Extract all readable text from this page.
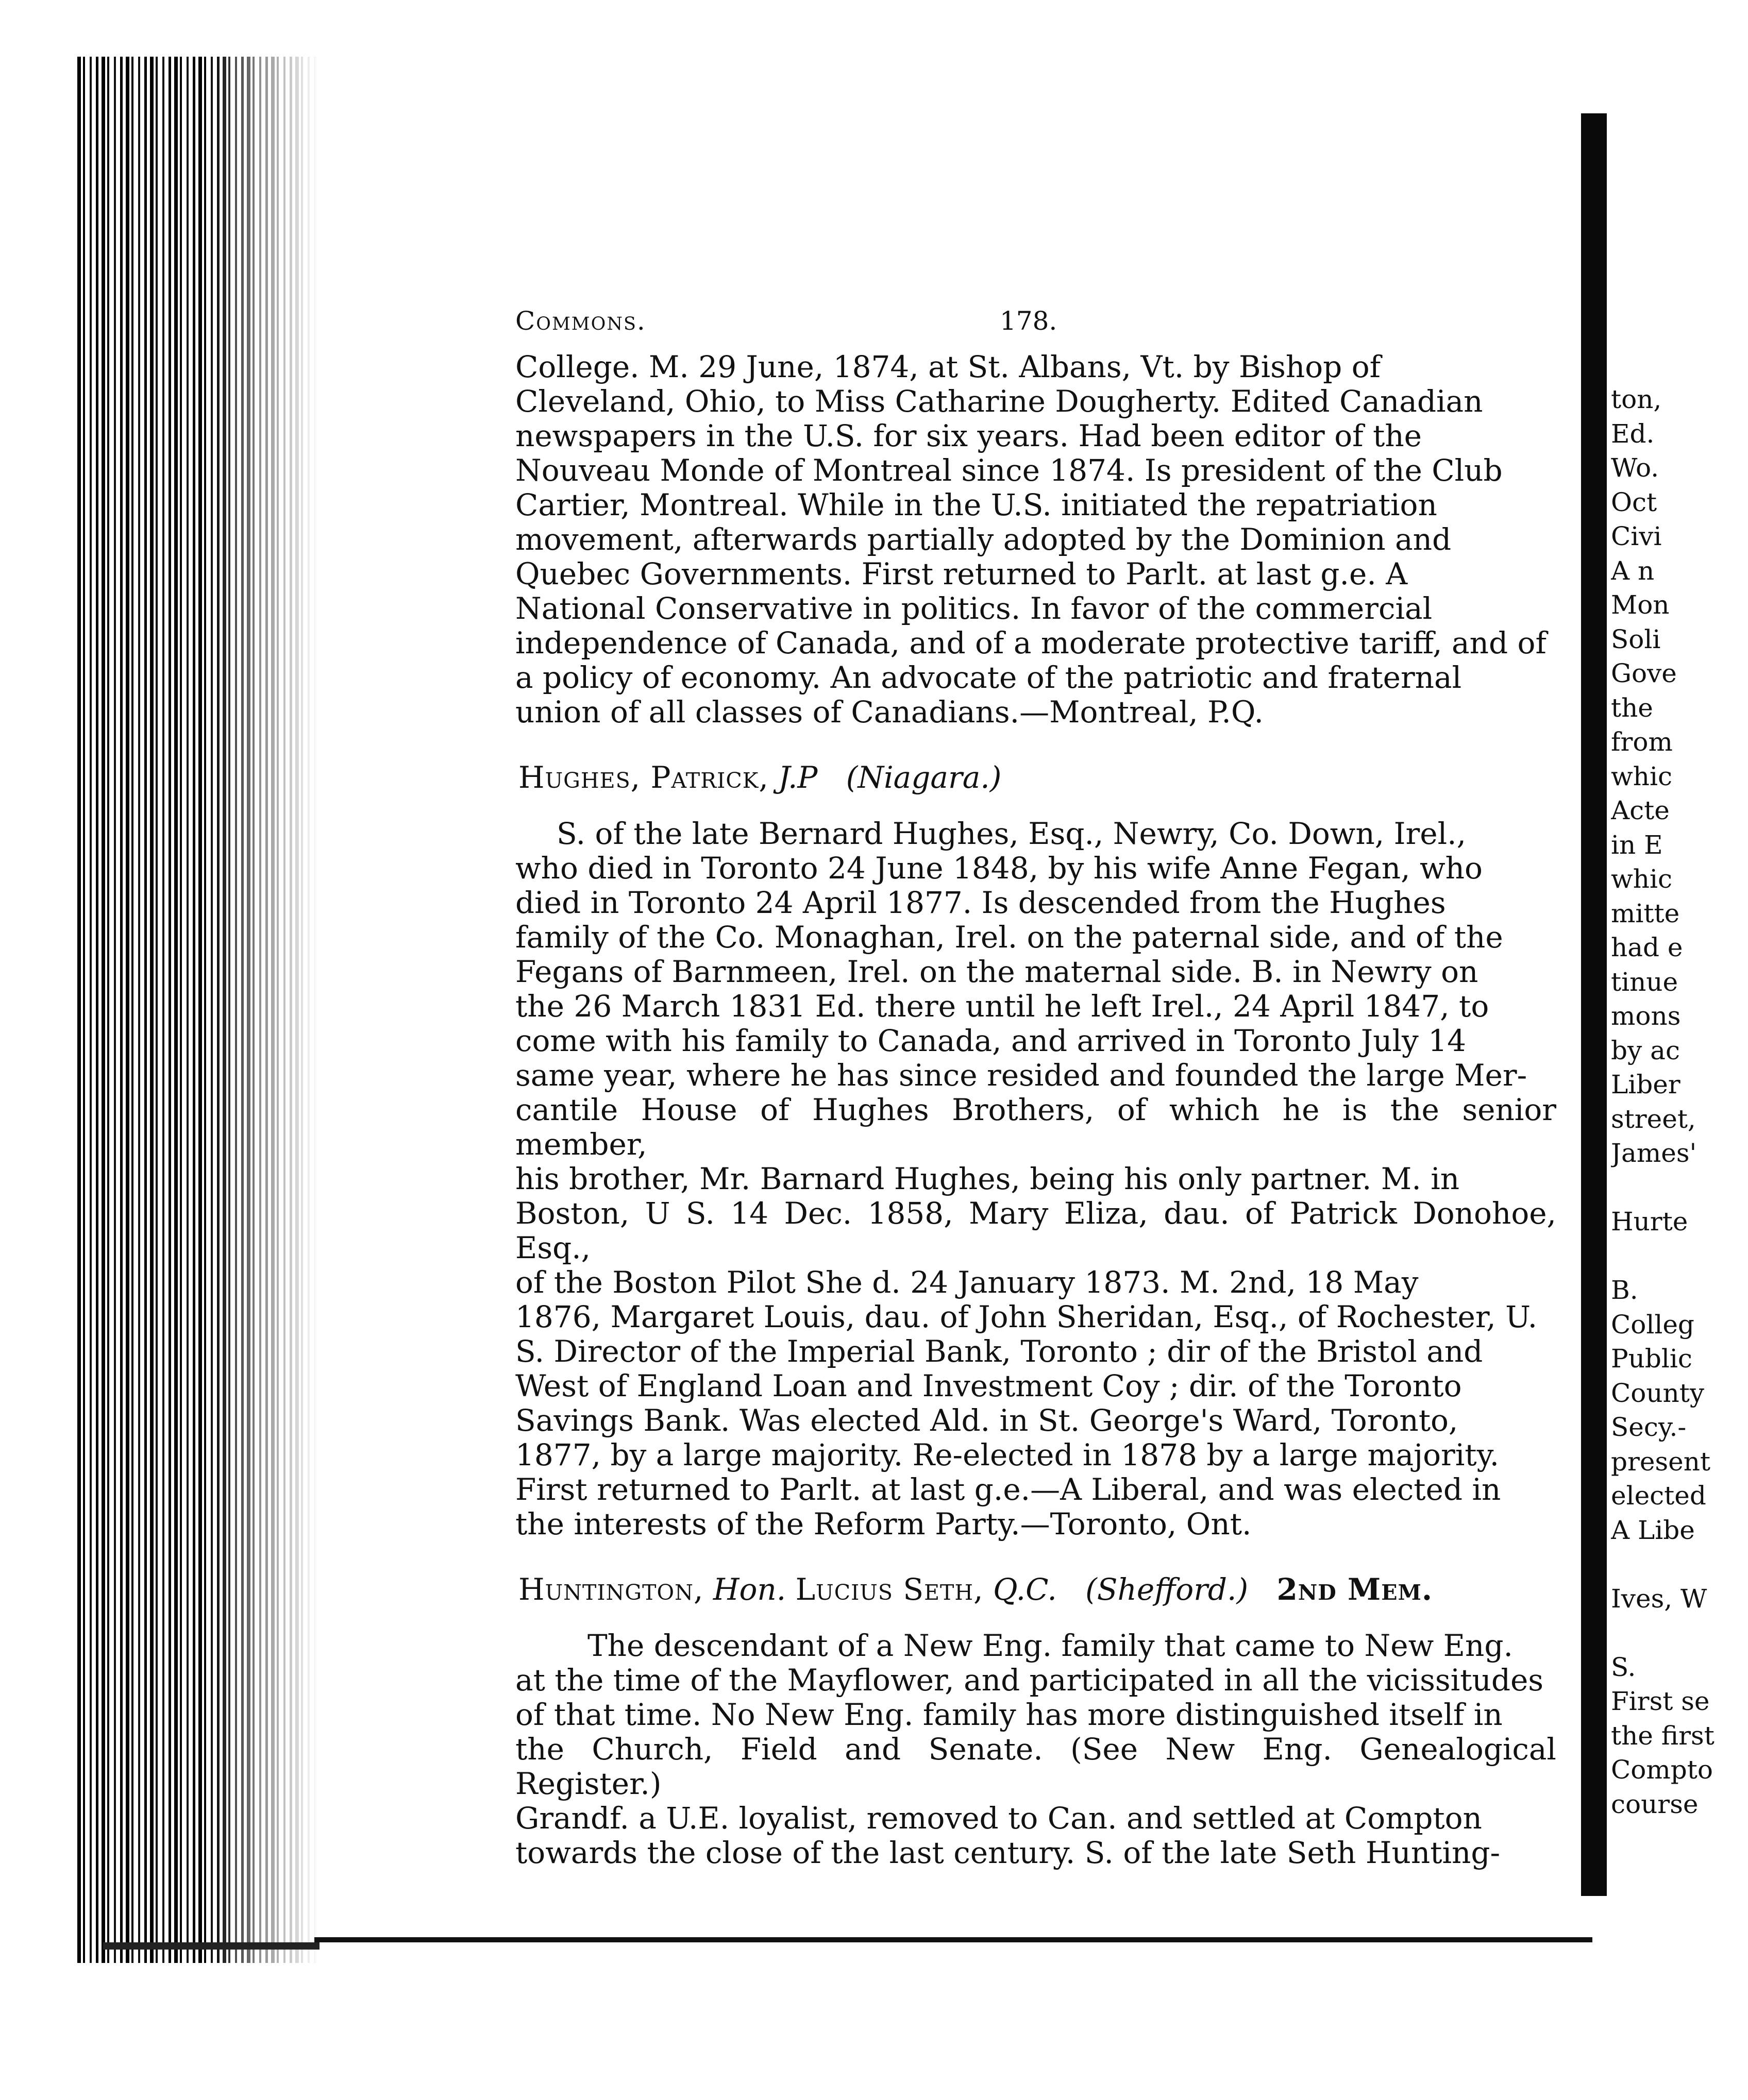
Commons.	178.
College. M. 29 June, 1874, at St. Albans, Vt. by Bishop of
Cleveland, Ohio, to Miss Catharine Dougherty. Edited Canadian
newspapers in the U.S. for six years. Had been editor of the
Nouveau Monde of Montreal since 1874. Is president of the Club
Cartier, Montreal. While in the U.S. initiated the repatriation
movement, afterwards partially adopted by the Dominion and
Quebec Governments. First returned to Parlt. at last g.e. A
National Conservative in politics. In favor of the commercial
independence of Canada, and of a moderate protective tariff, and of
a policy of economy. An advocate of the patriotic and fraternal
union of all classes of Canadians.—Montreal, P.Q.
Hughes, Patrick, J.P (Niagara.)
S. of the late Bernard Hughes, Esq., Newry, Co. Down, Irel.,
who died in Toronto 24 June 1848, by his wife Anne Fegan, who
died in Toronto 24 April 1877. Is descended from the Hughes
family of the Co. Monaghan, Irel. on the paternal side, and of the
Fegans of Barnmeen, Irel. on the maternal side. B. in Newry on
the 26 March 1831 Ed. there until he left Irel., 24 April 1847, to
come with his family to Canada, and arrived in Toronto July 14
same year, where he has since resided and founded the large Mer-
cantile House of Hughes Brothers, of which he is the senior member,
his brother, Mr. Barnard Hughes, being his only partner. M. in
Boston, U S. 14 Dec. 1858, Mary Eliza, dau. of Patrick Donohoe, Esq.,
of the Boston Pilot She d. 24 January 1873. M. 2nd, 18 May
1876, Margaret Louis, dau. of John Sheridan, Esq., of Rochester, U.
S. Director of the Imperial Bank, Toronto ; dir of the Bristol and
West of England Loan and Investment Coy ; dir. of the Toronto
Savings Bank. Was elected Ald. in St. George's Ward, Toronto,
1877, by a large majority. Re-elected in 1878 by a large majority.
First returned to Parlt. at last g.e.—A Liberal, and was elected in
the interests of the Reform Party.—Toronto, Ont.
Huntington, Hon. Lucius Seth, Q.C. (Shefford.) 2nd Mem.
The descendant of a New Eng. family that came to New Eng.
at the time of the Mayflower, and participated in all the vicissitudes
of that time. No New Eng. family has more distinguished itself in
the Church, Field and Senate. (See New Eng. Genealogical Register.)
Grandf. a U.E. loyalist, removed to Can. and settled at Compton
towards the close of the last century. S. of the late Seth Hunting-
ton,
Ed.
Wo.
Oct
Civi
A n
Mon
Soli
Gove
the
from
whic
Acte
in E
whic
mitte
had e
tinue
mons
by ac
Liber
street,
James'
Hurte
B.
Colleg
Public
County
Secy.-
present
elected
A Libe
Ives, W
S.
First se
the first
Compto
course
